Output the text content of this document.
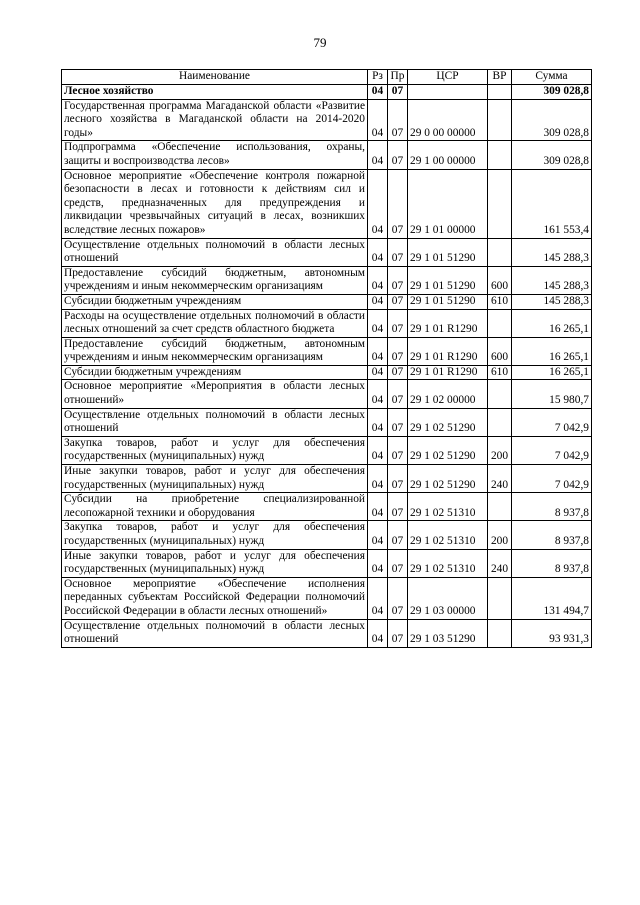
79
Наименование	Рз	Пр	ЦСР	ВР	Сумма
Лесное хозяйство	04	07			309 028,8
Государственная программа Магаданской области «Развитие лесного хозяйства в Магаданской области на 2014-2020 годы»	04	07	29 0 00 00000		309 028,8
Подпрограмма «Обеспечение использования, охраны, защиты и воспроизводства лесов»	04	07	29 1 00 00000		309 028,8
Основное мероприятие «Обеспечение контроля пожарной безопасности в лесах и готовности к действиям сил и средств, предназначенных для предупреждения и ликвидации чрезвычайных ситуаций в лесах, возникших вследствие лесных пожаров»	04	07	29 1 01 00000		161 553,4
Осуществление отдельных полномочий в области лесных отношений	04	07	29 1 01 51290		145 288,3
Предоставление субсидий бюджетным, автономным учреждениям и иным некоммерческим организациям	04	07	29 1 01 51290	600	145 288,3
Субсидии бюджетным учреждениям	04	07	29 1 01 51290	610	145 288,3
Расходы на осуществление отдельных полномочий в области лесных отношений за счет средств областного бюджета	04	07	29 1 01 R1290		16 265,1
Предоставление субсидий бюджетным, автономным учреждениям и иным некоммерческим организациям	04	07	29 1 01 R1290	600	16 265,1
Субсидии бюджетным учреждениям	04	07	29 1 01 R1290	610	16 265,1
Основное мероприятие «Мероприятия в области лесных отношений»	04	07	29 1 02 00000		15 980,7
Осуществление отдельных полномочий в области лесных отношений	04	07	29 1 02 51290		7 042,9
Закупка товаров, работ и услуг для обеспечения государственных (муниципальных) нужд	04	07	29 1 02 51290	200	7 042,9
Иные закупки товаров, работ и услуг для обеспечения государственных (муниципальных) нужд	04	07	29 1 02 51290	240	7 042,9
Субсидии на приобретение специализированной лесопожарной техники и оборудования	04	07	29 1 02 51310		8 937,8
Закупка товаров, работ и услуг для обеспечения государственных (муниципальных) нужд	04	07	29 1 02 51310	200	8 937,8
Иные закупки товаров, работ и услуг для обеспечения государственных (муниципальных) нужд	04	07	29 1 02 51310	240	8 937,8
Основное мероприятие «Обеспечение исполнения переданных субъектам Российской Федерации полномочий Российской Федерации в области лесных отношений»	04	07	29 1 03 00000		131 494,7
Осуществление отдельных полномочий в области лесных отношений	04	07	29 1 03 51290		93 931,3
